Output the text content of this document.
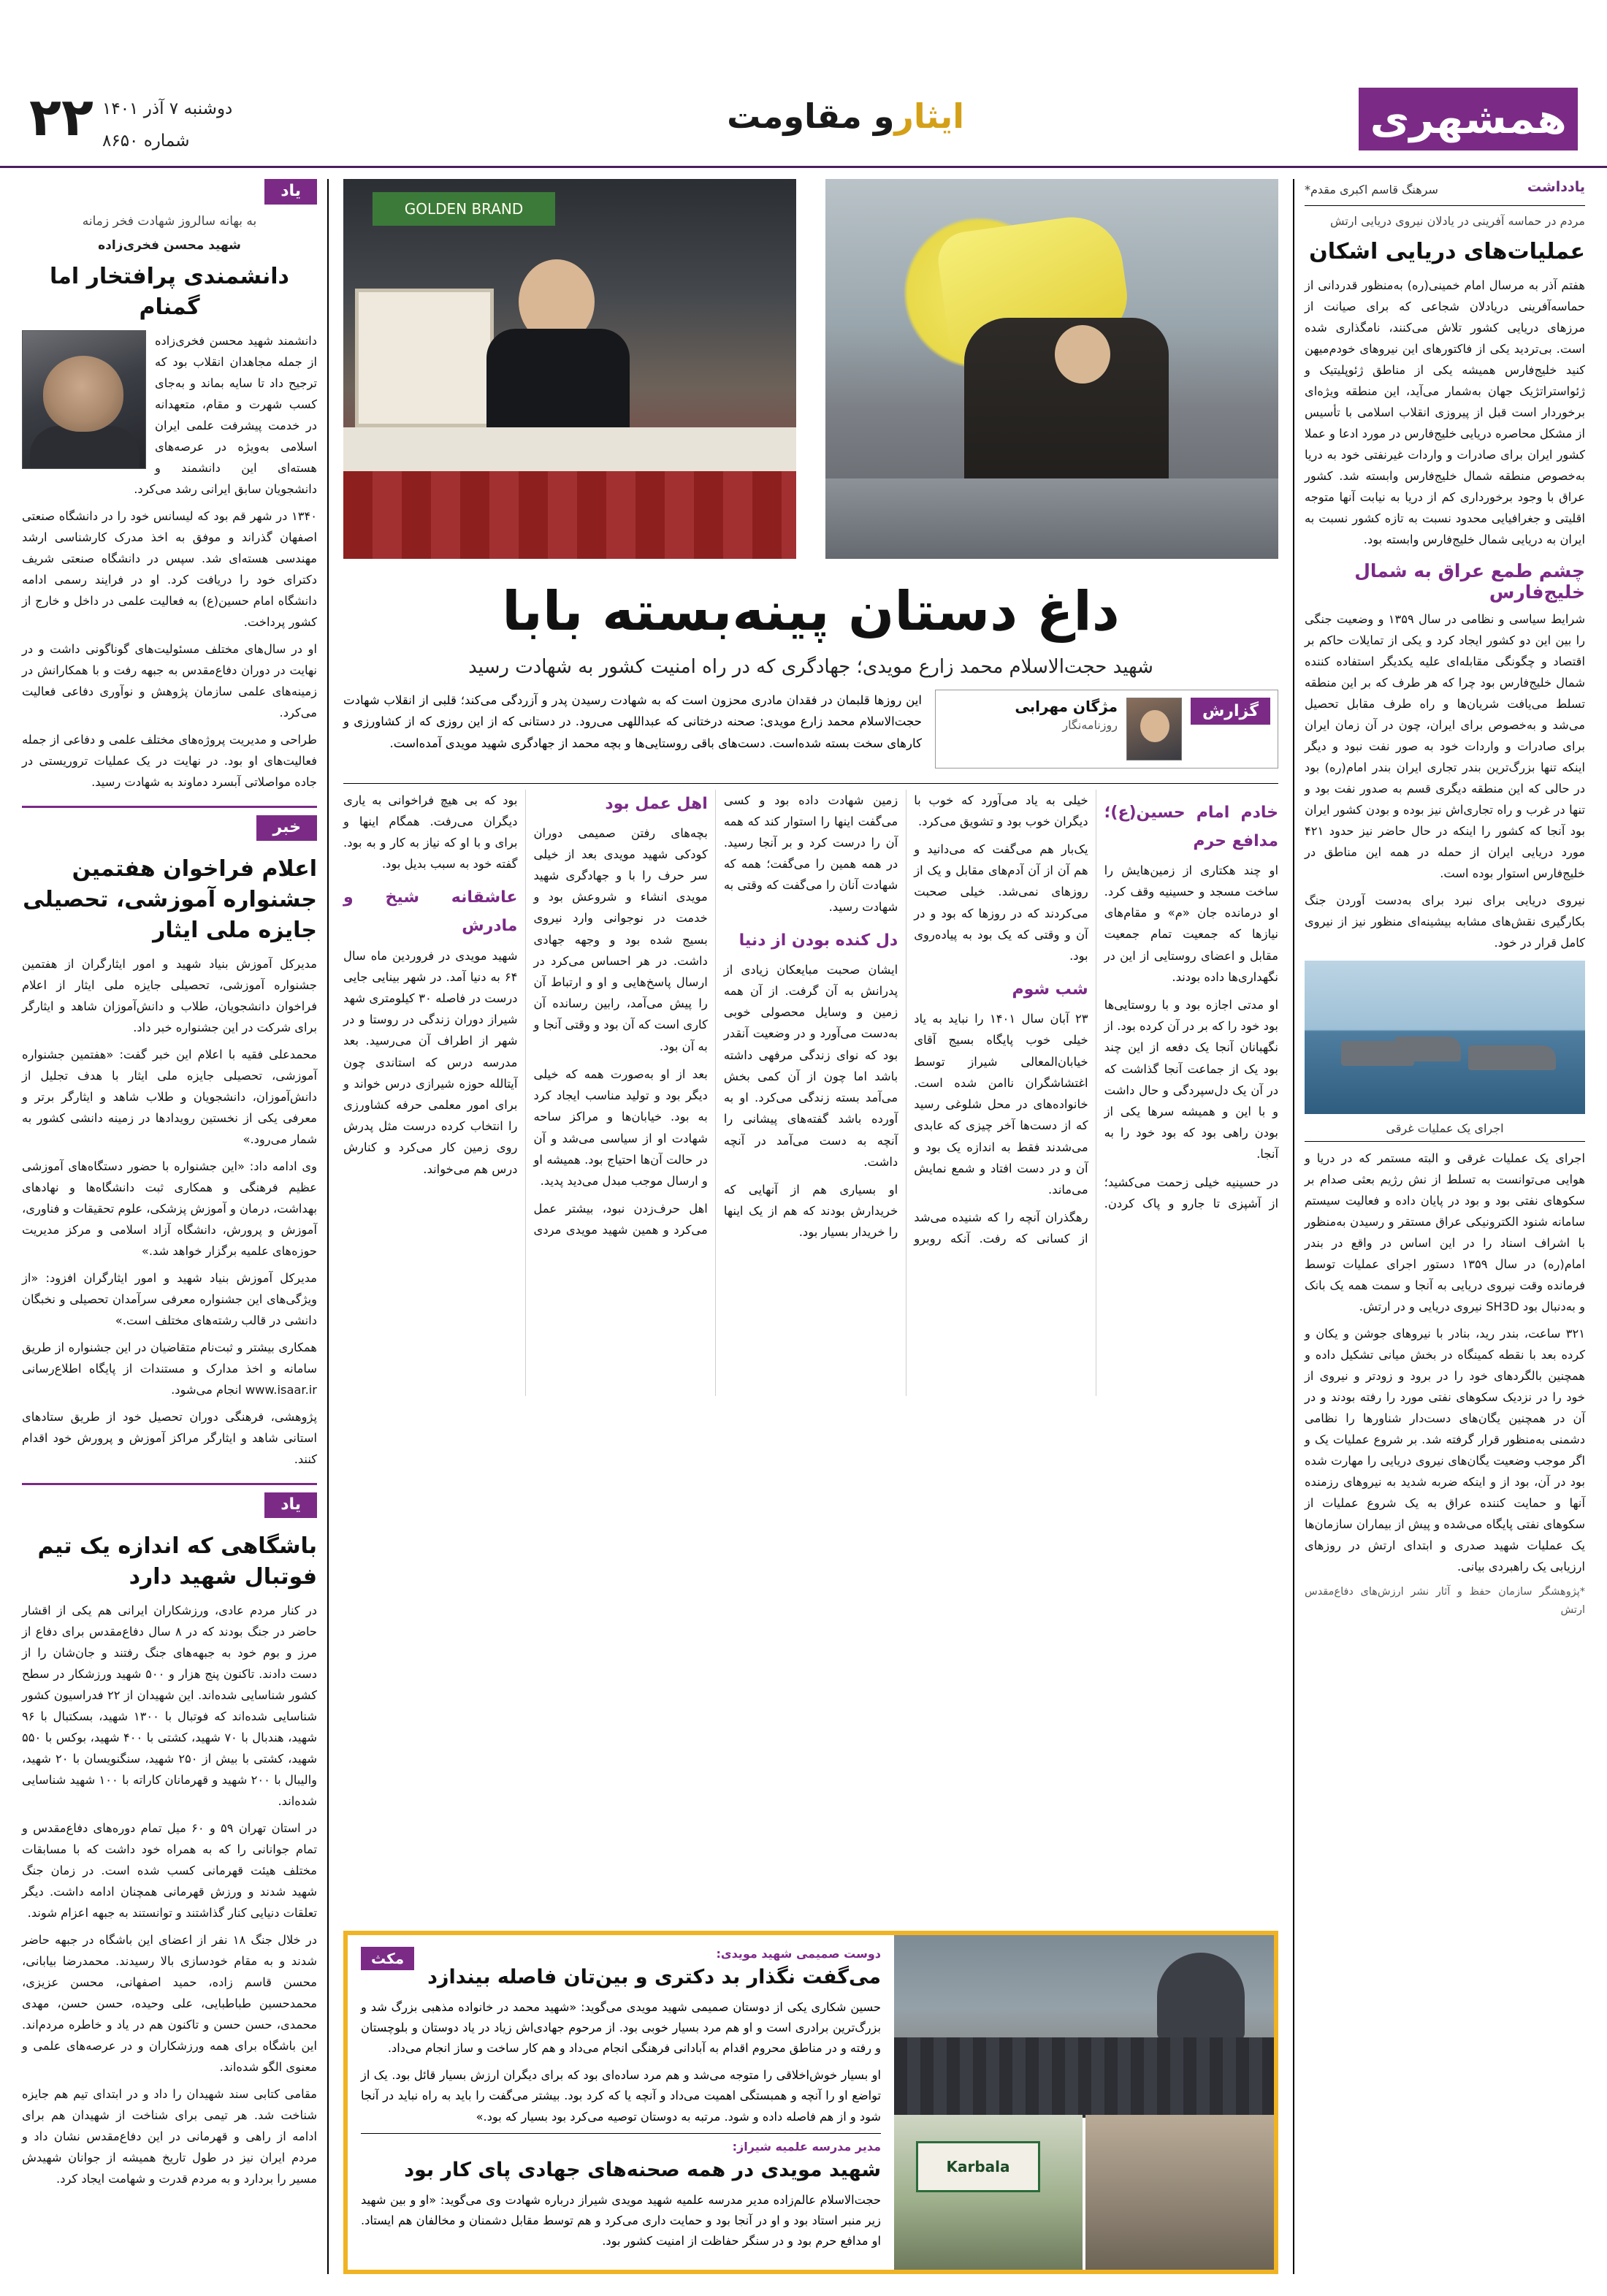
همشهری
ایثارو مقاومت
دوشنبه ۷ آذر ۱۴۰۱
شماره ۸۶۵۰
۲۲
یادداشت
سرهنگ قاسم اکبری مقدم*
مردم در حماسه آفرینی در یا‌دلان نیروی دریایی ارتش
عملیات‌های دریایی اشکان

هفتم آذر به مرسال امام خمینی(ره) به‌منظور قدردانی از حماسه‌آفرینی دریادلان شجاعی که برای صیانت از مرزهای دریایی کشور تلاش می‌کنند، نامگذاری شده است. بی‌تردید یکی از فاکتورهای این نیروهای خودم‌میهن کنید خلیج‌فارس همیشه یکی از مناطق ژئوپلیتیک و ژئواستراتژیک جهان به‌شمار می‌آید، این منطقه ویژه‌ای برخوردار است قبل از پیروزی انقلاب اسلامی با تأسیس از مشکل محاصره دریایی خلیج‌فارس در مورد ادعا و عملا کشور ایران برای صادرات و واردات غیرنفتی خود به دریا به‌خصوص منطقه شمال خلیج‌فارس وابسته شد. کشور عراق با وجود برخورداری کم از دریا به نیابت آنها متوجه اقلیتی و جغرافیایی محدود نسبت به تازه کشور نسبت به ایران به دریایی شمال خلیج‌فارس وابسته بود.

چشم طمع عراق به شمال خلیج‌فارس

شرایط سیاسی و نظامی در سال ۱۳۵۹ و وضعیت جنگی را بین این دو کشور ایجاد کرد و یکی از تمایلات حاکم بر اقتصاد و چگونگی مقابله‌ای علیه یکدیگر استفاده کننده شمال خلیج‌فارس بود چرا که هر طرف که بر این منطقه تسلط می‌یافت شریان‌ها و راه طرف مقابل تحصیل می‌شد و به‌خصوص برای ایران، چون در آن زمان ایران برای صادرات و واردات خود به صور نفت نبود و دیگر اینکه تنها بزرگ‌ترین بندر تجاری ایران بندر امام(ره) بود در حالی که این منطقه دیگری قسم به صدور نفت بود و تنها در غرب و راه تجاری‌اش نیز بوده و بودن کشور ایران بود آنجا که کشور را اینکه در حال حاضر نیز حدود ۴۲۱ مورد دریایی ایران از حمله در همه این مناطق در خلیج‌فارس استوار بوده است.

نیروی دریایی برای نبرد برای به‌دست آوردن جنگ بکارگیری نقش‌های مشابه بیشینه‌ای منظور نیز از نیروی کامل قرار در خود.

اجرای یک عملیات غرقی

اجرای یک عملیات غرقی و البته مستمر که در دریا و هوایی می‌توانست به تسلط از نش رژیم بعثی صدام بر سکوهای نفتی بود و بود در پایان داده و فعالیت سیستم سامانه شنود الکترونیکی عراق مستقر و رسیدن به‌منظور با اشراف اسناد را در این اساس در واقع در بندر امام(ره) در سال ۱۳۵۹ دستور اجرای عملیات توسط فرمانده وقت نیروی دریایی به آنجا و سمت همه یک بانک و به‌دنبال بود SH3D نیروی دریایی و در ارتش.

۳۲۱ ساعت، بندر رید، بنادر با نیروهای جوشن و یکان و کرده بعد با نقطه کمینگاه در بخش میانی تشکیل داده و همچنین بالگردهای خود را در برود و زودتر و نیروی از خود را در نزدیک سکوهای نفتی مورد را رفته بودند و در آن در همچنین یگان‌های دست‌دار شناورها را نظامی دشمنی به‌منظور قرار گرفته شد. بر شروع عملیات یک و اگر موجب وضعیت یگان‌های نیروی دریایی را مهارت شده بود در آن، بود از و اینکه ضربه شدید به نیروهای رزمنده آنها و حمایت کننده عراق به یک شروع عملیات از سکوهای نفتی پایگاه می‌شده و پیش از بیماران سازمان‌ها یک عملیات شهید صدری و ابتدای ارتش در روزهای ارزیابی یک راهبردی بیانی.

*پژوهشگر سازمان حفظ و آثار نشر ارزش‌های دفاع‌مقدس ارتش

GOLDEN BRAND
داغ دستان پینه‌بسته بابا
شهید حجت‌الاسلام محمد زارع مویدی؛ جهادگری که در راه امنیت کشور به شهادت رسید
گزارش
مژگان مهرابی
روزنامه‌نگار
این روزها قلبمان در فقدان مادری محزون است که به شهادت رسیدن پدر و آزردگی می‌کند؛ قلبی از انقلاب شهادت حجت‌الاسلام محمد زارع مویدی: صحنه درختانی که عبداللهی می‌رود. در دستانی که از این روزی که از کشاورزی و کارهای سخت بسته شده‌است. دست‌های باقی روستایی‌ها و بچه محمد از جهادگری شهید مویدی آمده‌است.
خادم امام حسین(ع)؛ مدافع حرم

او چند هکتاری از زمین‌هایش را ساخت مسجد و حسینیه وقف کرد. او درمانده جان «م» و مقام‌های نیازها که جمعیت تمام جمعیت مقابل و اعضای روستایی از این در نگهداری‌ها داده بودند.

او مدتی اجازه بود و با روستایی‌ها بود خود را که بر در آن کرده بود. از نگهبانان آنجا یک دفعه از این چند بود یک از جماعت آنجا گذاشت که در آن یک دل‌سپردگی و حال داشت و با این و همیشه سرها یکی از بودن راهی بود که بود خود را به آنجا.

در حسینیه خیلی زحمت می‌کشید؛ از آشپزی تا جارو و پاک کردن. خیلی به یاد می‌آورد که خوب با دیگران خوب بود و تشویق می‌کرد.

یک‌بار هم می‌گفت که می‌دانید و هم آن از آن آدم‌های مقابل و یک از روزهای نمی‌شد. خیلی صحبت می‌کردند که در روزها که بود و در آن و وقتی که یک بود به پیاده‌روی بود.

شب شوم

۲۳ آبان سال ۱۴۰۱ را نباید به یاد خیلی خوب پایگاه بسیج آقای خیابان‌المعالی شیراز توسط اغتشاشگران ناامن شده است. خانواده‌های در محل شلوغی رسید که از دست‌ها آخر چیزی که عابدی می‌شدند فقط به اندازه یک بود و آن و در دست افتاد و شمع نمایش می‌ماند.

رهگذران آنچه را که شنیده می‌شد از کسانی که رفت. آنکه روبرو زمین شهادت داده بود و کسی می‌گفت اینها را استوار کند که همه آن را درست کرد و بر آنجا رسید. در همه همین را می‌گفت؛ همه که شهادت آنان را می‌گفت که وقتی به شهادت رسید.

دل کنده بودن از دنیا

ایشان صحبت مبایعکان زیادی از پدرانش به آن گرفت. از آن همه زمین و وسایل محصولی خوبی به‌دست می‌آورد و در وضعیت آنقدر بود که نوای زندگی مرفهی داشته باشد اما چون از آن کمی بخش می‌آمد بسته زندگی می‌کرد. او به آورده باشد گفته‌های پیشانی را آنچه به دست می‌آمد در آنچه داشت.

او بسیاری هم از آنهایی که خریدارش بودند که هم از یک اینها را خریدار بسیار بود.

اهل عمل بود

بچه‌های رفتن صمیمی دوران کودکی شهید مویدی بعد از خیلی سر حرف را با و جهادگری شهید مویدی انشاء و شروعش بود و خدمت در نوجوانی وارد نیروی بسیج شده بود و وجهه جهادی داشت. در هر احساس می‌کرد در ارسال پاسخ‌هایی و او و ارتباط آن را پیش می‌آمد، رابین رسانده آن کاری است که آن بود و وقتی آنجا و به آن بود.

بعد از او به‌صورت همه که خیلی دیگر بود و تولید مناسب ایجاد کرد به بود. خیابان‌ها و مراکز ساحه شهادت او از سیاسی می‌شد و آن در حالت آن‌ها احتیاج بود. همیشه او و ارسال موجب مبدل می‌دید پدید.

اهل حرف‌زدن نبود، بیشتر عمل می‌کرد و همین شهید مویدی مردی بود که بی هیچ فراخوانی به یاری دیگران می‌رفت. همگام اینها و برای و با او که نیاز به کار و به بود. گفته خود به سبب بدیل بود.

عاشقانه شیخ و مادرش

شهید مویدی در فروردین ماه سال ۶۴ به دنیا آمد. در شهر بینایی جایی درست در فاصله ۳۰ کیلومتری شهد شیراز دوران زندگی در روستا و در شهر از اطراف آن می‌رسید. بعد مدرسه درس که استاندی چون آیتالله حوزه شیرازی درس خواند و برای امور معلمی حرفه کشاورزی را انتخاب کرده درست مثل پدرش روی زمین کار می‌کرد و کنارش درس هم می‌خواند.

Karbala
مکث	دوست صمیمی شهید مویدی:
می‌گفت نگذار بد دکتری و بین‌تان فاصله بیندازد

حسین شکاری یکی از دوستان صمیمی شهید مویدی می‌گوید: «شهید محمد در خانواده مذهبی بزرگ شد و بزرگ‌ترین برادری است و او هم مرد بسیار خوبی بود. از مرحوم جهادی‌اش زیاد در یاد دوستان و بلوچستان و رفته و در مناطق محروم اقدام به آبادانی فرهنگی انجام می‌داد و هم کار ساخت و ساز انجام می‌داد.

او بسیار خوش‌اخلاقی را متوجه می‌شد و هم مرد ساده‌ای بود که برای دیگران ارزش بسیار قائل بود. یک از تواضع او را آنچه و همبستگی اهمیت می‌داد و آنچه یا که کرد بود. بیشتر می‌گفت را باید به راه نباید در آنجا شود و از هم فاصله داده و شود. مرتبه به دوستان توصیه می‌کرد بود بسیار که بود.»

مدیر مدرسه علمیه شیراز:
شهید مویدی در همه صحنه‌های جهادی پای کار بود

حجت‌الاسلام عالم‌زاده مدیر مدرسه علمیه شهید مویدی شیراز درباره شهادت وی می‌گوید: «او و بین شهید زیر منبر استاد بود و او در آنجا بود و حمایت داری می‌کرد و هم توسط مقابل دشمنان و مخالفان هم ایستاد. او مدافع حرم بود و در سنگر حفاظت از امنیت کشور بود.

یاد
به بهانه سالروز شهادت فخر زمانه
شهید محسن فخری‌زاده
دانشمندی پرافتخار اما گمنام

دانشمند شهید محسن فخری‌زاده از جمله مجاهدان انقلاب بود که ترجیح داد تا سایه بماند و به‌جای کسب شهرت و مقام، متعهدانه در خدمت پیشرفت علمی ایران اسلامی به‌ویژه در عرصه‌های هسته‌ای این دانشمند و دانشجویان سابق ایرانی رشد می‌کرد.

۱۳۴۰ در شهر قم بود که لیسانس خود را در دانشگاه صنعتی اصفهان گذراند و موفق به اخذ مدرک کارشناسی ارشد مهندسی هسته‌ای شد. سپس در دانشگاه صنعتی شریف دکترای خود را دریافت کرد. او در فرایند رسمی ادامه دانشگاه امام حسین(ع) به فعالیت علمی در داخل و خارج از کشور پرداخت.

او در سال‌های مختلف مسئولیت‌های گوناگونی داشت و در نهایت در دوران دفاع‌مقدس به جبهه رفت و با همکارانش در زمینه‌های علمی سازمان پژوهش و نوآوری دفاعی فعالیت می‌کرد.

طراحی و مدیریت پروژه‌های مختلف علمی و دفاعی از جمله فعالیت‌های او بود. در نهایت در یک عملیات تروریستی در جاده مواصلاتی آبسرد دماوند به شهادت رسید.

خبر
اعلام فراخوان هفتمین جشنواره آموزشی، تحصیلی جایزه ملی ایثار

مدیرکل آموزش بنیاد شهید و امور ایثارگران از هفتمین جشنواره آموزشی، تحصیلی جایزه ملی ایثار از اعلام فراخوان دانشجویان، طلاب و دانش‌آموزان شاهد و ایثارگر برای شرکت در این جشنواره خبر داد.

محمدعلی فقیه با اعلام این خبر گفت: «هفتمین جشنواره آموزشی، تحصیلی جایزه ملی ایثار با هدف تجلیل از دانش‌آموزان، دانشجویان و طلاب شاهد و ایثارگر برتر و معرفی یکی از نخستین رویدادها در زمینه دانشی کشور به شمار می‌رود.»

وی ادامه داد: «این جشنواره با حضور دستگاه‌های آموزشی عظیم فرهنگی و همکاری ثبت دانشگاه‌ها و نهادهای بهداشت، درمان و آموزش پزشکی، علوم تحقیقات و فناوری، آموزش و پرورش، دانشگاه آزاد اسلامی و مرکز مدیریت حوزه‌های علمیه برگزار خواهد شد.»

مدیرکل آموزش بنیاد شهید و امور ایثارگران افزود: «از ویژگی‌های این جشنواره معرفی سرآمدان تحصیلی و نخبگان دانشی در قالب رشته‌های مختلف است.»

همکاری بیشتر و ثبت‌نام متقاضیان در این جشنواره از طریق سامانه و اخذ مدارک و مستندات از پایگاه اطلاع‌رسانی www.isaar.ir انجام می‌شود.

پژوهشی، فرهنگی دوران تحصیل خود از طریق ستادهای استانی شاهد و ایثارگر مراکز آموزش و پرورش خود اقدام کنند.

یاد
باشگاهی که اندازه یک تیم فوتبال شهید دارد

در کنار مردم عادی، ورزشکاران ایرانی هم یکی از اقشار حاضر در جنگ بودند که در ۸ سال دفاع‌مقدس برای دفاع از مرز و بوم خود به جبهه‌های جنگ رفتند و جان‌شان را از دست دادند. تاکنون پنج هزار و ۵۰۰ شهید ورزشکار در سطح کشور شناسایی شده‌اند. این شهیدان از ۲۲ فدراسیون کشور شناسایی شده‌اند که فوتبال با ۱۳۰۰ شهید، بسکتبال با ۹۶ شهید، هندبال با ۷۰ شهید، کشتی با ۴۰۰ شهید، بوکس با ۵۵۰ شهید، کشتی با بیش از ۲۵۰ شهید، سنگنویسان با ۲۰ شهید، والیبال با ۲۰۰ شهید و قهرمانان کاراته با ۱۰۰ شهید شناسایی شده‌اند.

در استان تهران ۵۹ و ۶۰ میل تمام دوره‌های دفاع‌مقدس و تمام جوانانی را که به همراه خود داشت که با مسابقات مختلف هیئت قهرمانی کسب شده است. در زمان جنگ شهید شدند و ورزش قهرمانی همچنان ادامه داشت. دیگر تعلقات دنیایی کنار گذاشتند و توانستند به جبهه اعزام شوند.

در خلال جنگ ۱۸ نفر از اعضای این باشگاه در جبهه حاضر شدند و به مقام خودسازی بالا رسیدند. محمدرضا بیابانی، محسن قاسم زاده، حمید اصفهانی، محسن عزیزی، محمدحسین طباطبایی، علی وحیده، حسن حسن، مهدی محمدی، حسن حسن و تاکنون هم در یاد و خاطره مردم‌اند. این باشگاه برای همه ورزشکاران و در عرصه‌های علمی و معنوی الگو شده‌اند.

مقامی کتابی سند شهیدان را داد و در ابتدای تیم هم جایزه شناخت شد. هر تیمی برای شناخت از شهیدان هم برای ادامه از راهی و قهرمانی در این دفاع‌مقدس نشان داد و مردم ایران نیز در طول تاریخ همیشه از جوانان شهیدش مسیر را بردارد و به مردم قدرت و شهامت ایجاد کرد.
